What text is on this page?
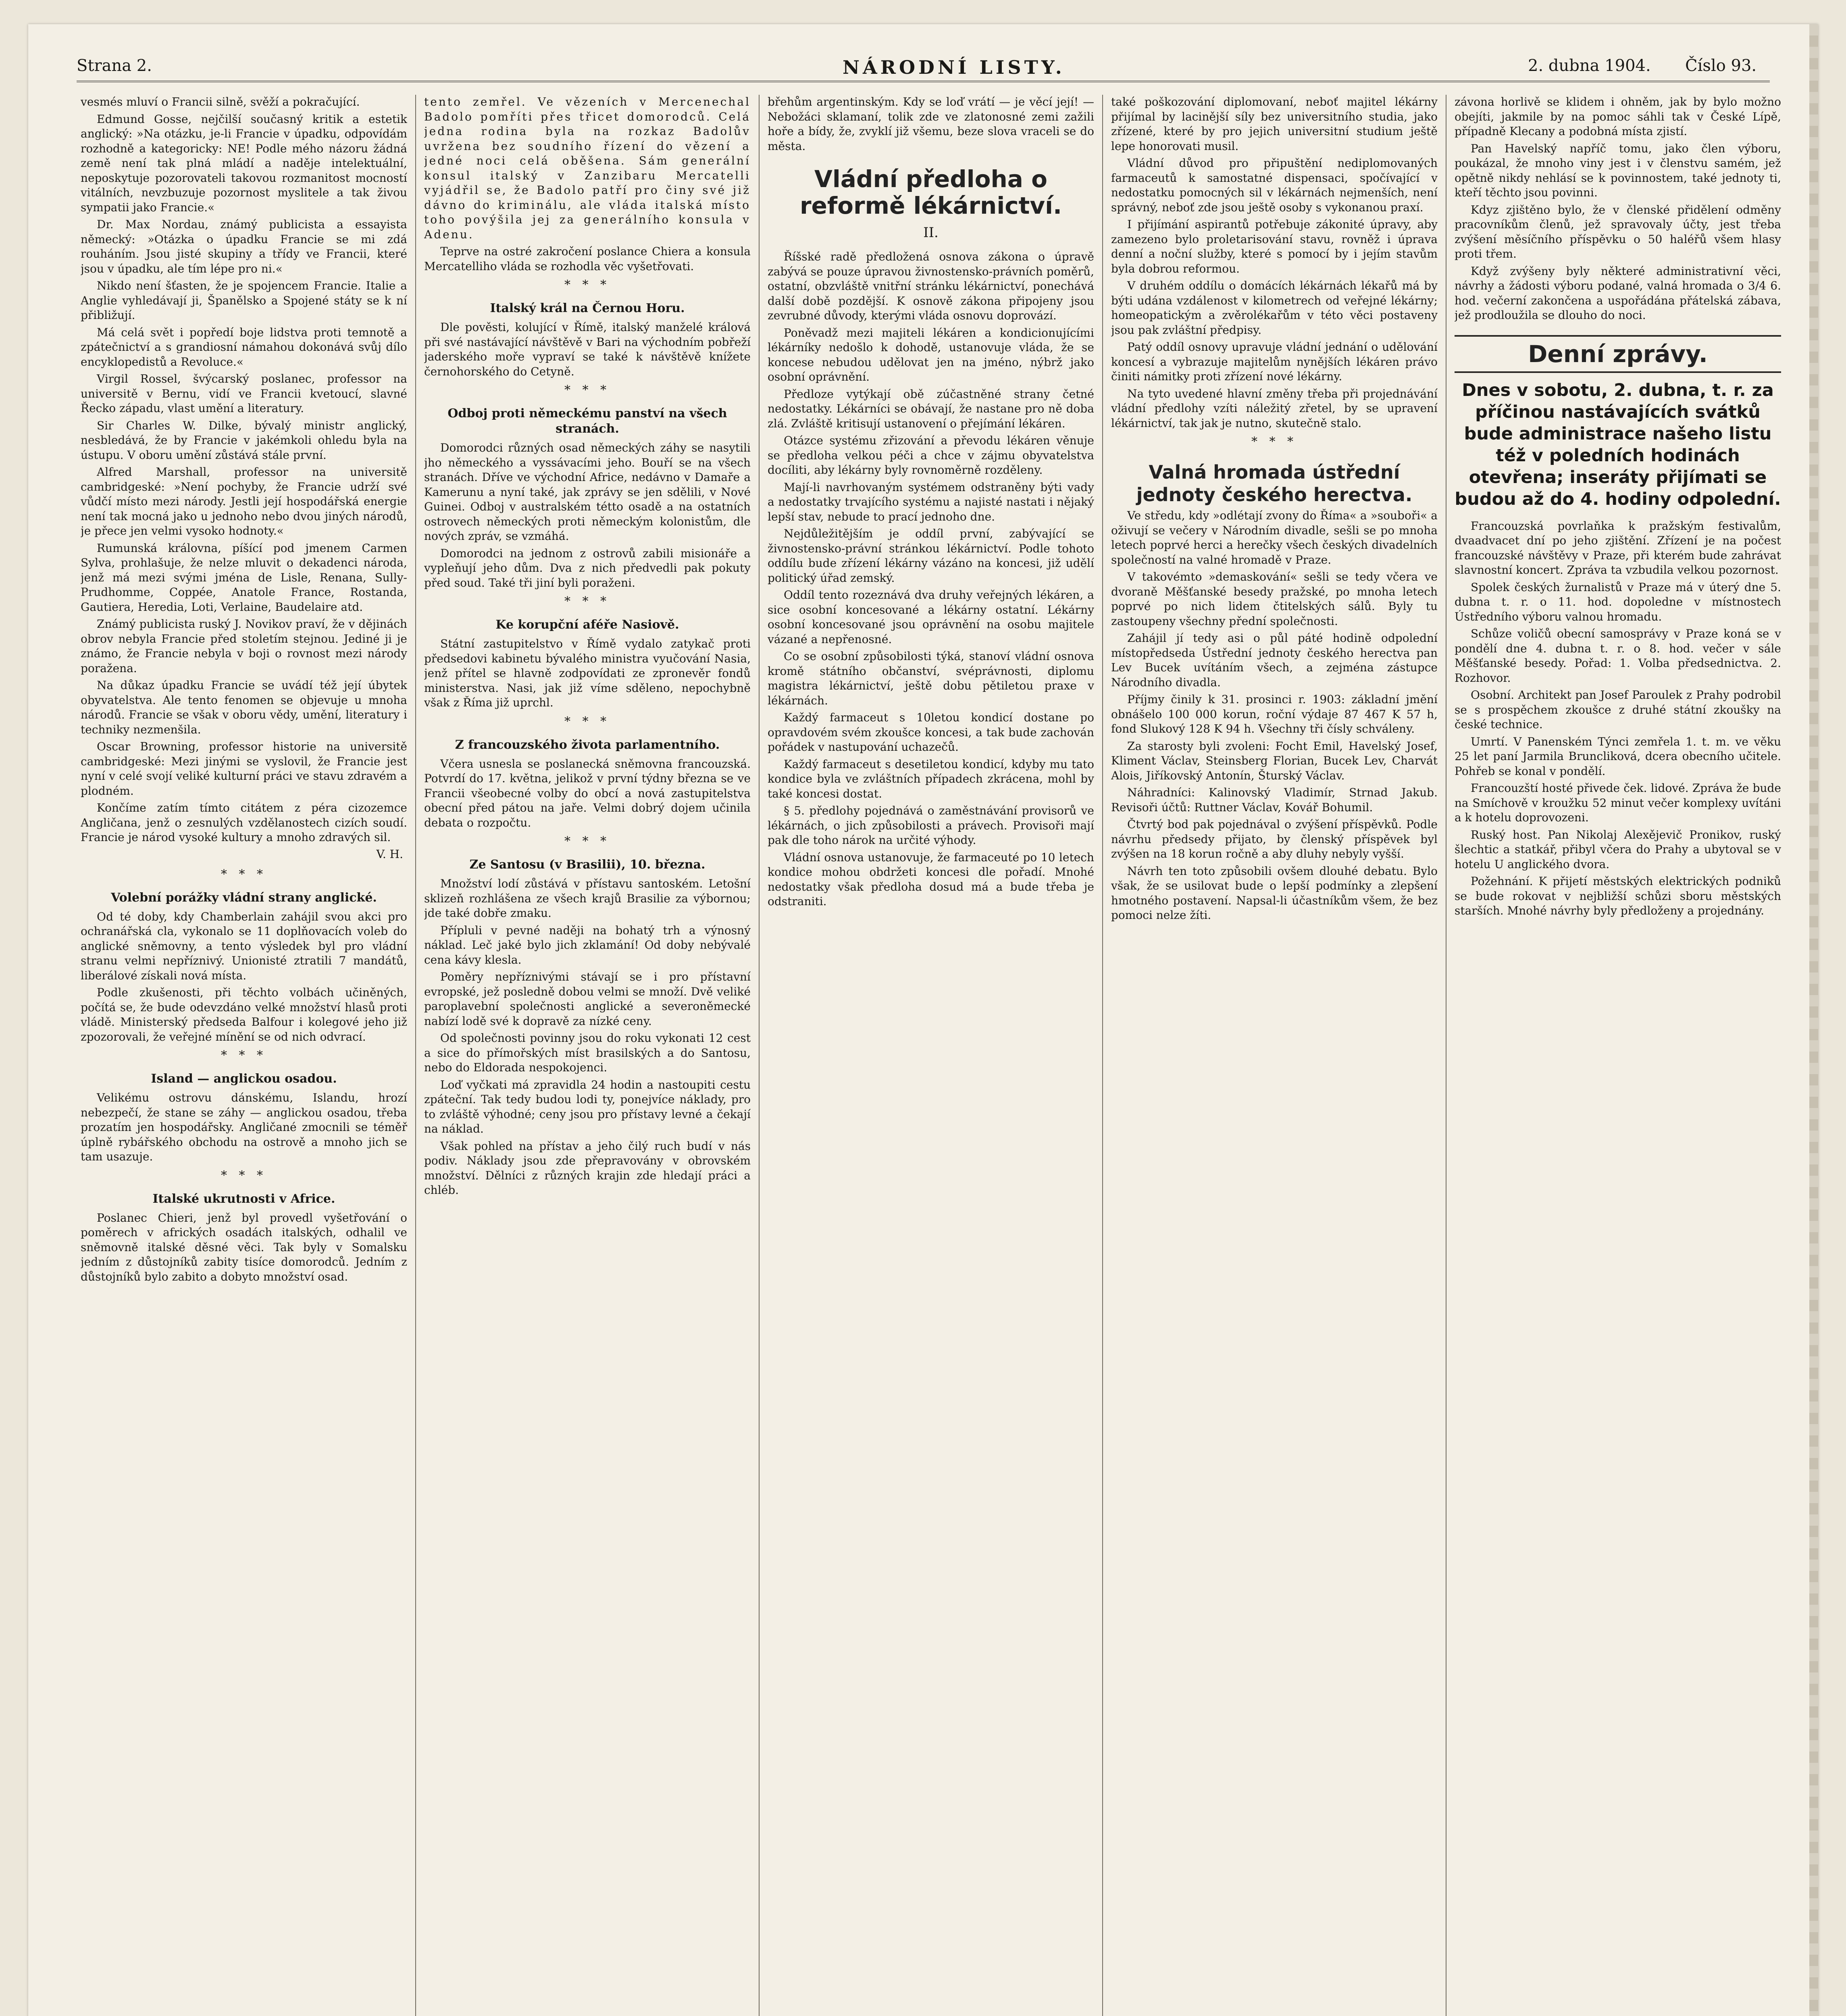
Strana 2.	NÁRODNÍ LISTY.	2. dubna 1904. Číslo 93.

vesmés mluví o Francii silně, svěží a pokračující.

Edmund Gosse, nejčilší současný kritik a estetik anglický: »Na otázku, je-li Francie v úpadku, odpovídám rozhodně a kategoricky: NE! Podle mého názoru žádná země není tak plná mládí a naděje intelektuální, neposkytuje pozorovateli takovou rozmanitost mocností vitálních, nevzbuzuje pozornost myslitele a tak živou sympatii jako Francie.«

Dr. Max Nordau, známý publicista a essayista německý: »Otázka o úpadku Francie se mi zdá rouháním. Jsou jisté skupiny a třídy ve Francii, které jsou v úpadku, ale tím lépe pro ni.«

Nikdo není šťasten, že je spojencem Francie. Italie a Anglie vyhledávají ji, Španělsko a Spojené státy se k ní přibližují.

Má celá svět i popředí boje lidstva proti temnotě a zpátečnictví a s grandiosní námahou dokonává svůj dílo encyklopedistů a Revoluce.«

Virgil Rossel, švýcarský poslanec, professor na universitě v Bernu, vidí ve Francii kvetoucí, slavné Řecko západu, vlast umění a literatury.

Sir Charles W. Dilke, bývalý ministr anglický, nesbledává, že by Francie v jakémkoli ohledu byla na ústupu. V oboru umění zůstává stále první.

Alfred Marshall, professor na universitě cambridgeské: »Není pochyby, že Francie udrží své vůdčí místo mezi národy. Jestli její hospodářská energie není tak mocná jako u jednoho nebo dvou jiných národů, je přece jen velmi vysoko hodnoty.«

Rumunská královna, píšící pod jmenem Carmen Sylva, prohlašuje, že nelze mluvit o dekadenci národa, jenž má mezi svými jména de Lisle, Renana, Sully-Prudhomme, Coppée, Anatole France, Rostanda, Gautiera, Heredia, Loti, Verlaine, Baudelaire atd.

Známý publicista ruský J. Novikov praví, že v dějinách obrov nebyla Francie před stoletím stejnou. Jediné ji je známo, že Francie nebyla v boji o rovnost mezi národy poražena.

Na důkaz úpadku Francie se uvádí též její úbytek obyvatelstva. Ale tento fenomen se objevuje u mnoha národů. Francie se však v oboru vědy, umění, literatury i techniky nezmenšila.

Oscar Browning, professor historie na universitě cambridgeské: Mezi jinými se vyslovil, že Francie jest nyní v celé svojí veliké kulturní práci ve stavu zdravém a plodném.

Končíme zatím tímto citátem z péra cizozemce Angličana, jenž o zesnulých vzdělanostech cizích soudí. Francie je národ vysoké kultury a mnoho zdravých sil.

V. H.
* * *
Volební porážky vládní strany anglické.

Od té doby, kdy Chamberlain zahájil svou akci pro ochranářská cla, vykonalo se 11 doplňovacích voleb do anglické sněmovny, a tento výsledek byl pro vládní stranu velmi nepříznivý. Unionisté ztratili 7 mandátů, liberálové získali nová místa.

Podle zkušenosti, při těchto volbách učiněných, počítá se, že bude odevzdáno velké množství hlasů proti vládě. Ministerský předseda Balfour i kolegové jeho již zpozorovali, že veřejné mínění se od nich odvrací.

* * *
Island — anglickou osadou.

Velikému ostrovu dánskému, Islandu, hrozí nebezpečí, že stane se záhy — anglickou osadou, třeba prozatím jen hospodářsky. Angličané zmocnili se téměř úplně rybářského obchodu na ostrově a mnoho jich se tam usazuje.

* * *
Italské ukrutnosti v Africe.

Poslanec Chieri, jenž byl provedl vyšetřování o poměrech v afrických osadách italských, odhalil ve sněmovně italské děsné věci. Tak byly v Somalsku jedním z důstojníků zabity tisíce domorodců. Jedním z důstojníků bylo zabito a dobyto množství osad.

tento zemřel. Ve vězeních v Mercenechal Badolo pomříti přes třicet domorodců. Celá jedna rodina byla na rozkaz Badolův uvržena bez soudního řízení do vězení a jedné noci celá oběšena. Sám generální konsul italský v Zanzibaru Mercatelli vyjádřil se, že Badolo patří pro činy své již dávno do kriminálu, ale vláda italská místo toho povýšila jej za generálního konsula v Adenu.

Teprve na ostré zakročení poslance Chiera a konsula Mercatelliho vláda se rozhodla věc vyšetřovati.

* * *
Italský král na Černou Horu.

Dle pověsti, kolující v Římě, italský manželé králová při své nastávající návštěvě v Bari na východním pobřeží jaderského moře vypraví se také k návštěvě knížete černohorského do Cetyně.

* * *
Odboj proti německému panství na všech stranách.

Domorodci různých osad německých záhy se nasytili jho německého a vyssávacími jeho. Bouří se na všech stranách. Dříve ve východní Africe, nedávno v Damaře a Kamerunu a nyní také, jak zprávy se jen sdělili, v Nové Guinei. Odboj v australském tétto osadě a na ostatních ostrovech německých proti německým kolonistům, dle nových zpráv, se vzmáhá.

Domorodci na jednom z ostrovů zabili misionáře a vypleňují jeho dům. Dva z nich předvedli pak pokuty před soud. Také tři jiní byli poraženi.

* * *
Ke korupční aféře Nasiově.

Státní zastupitelstvo v Římě vydalo zatykač proti předsedovi kabinetu bývalého ministra vyučování Nasia, jenž přítel se hlavně zodpovídati ze zpronevěr fondů ministerstva. Nasi, jak již víme sděleno, nepochybně však z Říma již uprchl.

* * *
Z francouzského života parlamentního.

Včera usnesla se poslanecká sněmovna francouzská. Potvrdí do 17. května, jelikož v první týdny března se ve Francii všeobecné volby do obcí a nová zastupitelstva obecní před pátou na jaře. Velmi dobrý dojem učinila debata o rozpočtu.

* * *
Ze Santosu (v Brasilii), 10. března.

Množství lodí zůstává v přístavu santoském. Letošní sklizeň rozhlášena ze všech krajů Brasilie za výbornou; jde také dobře zmaku.

Přípluli v pevné naději na bohatý trh a výnosný náklad. Leč jaké bylo jich zklamání! Od doby nebývalé cena kávy klesla.

Poměry nepříznivými stávají se i pro přístavní evropské, jež posledně dobou velmi se množí. Dvě veliké paroplavební společnosti anglické a severoněmecké nabízí lodě své k dopravě za nízké ceny.

Od společnosti povinny jsou do roku vykonati 12 cest a sice do přímořských míst brasilských a do Santosu, nebo do Eldorada nespokojenci.

Loď vyčkati má zpravidla 24 hodin a nastoupiti cestu zpáteční. Tak tedy budou lodi ty, ponejvíce náklady, pro to zvláště výhodné; ceny jsou pro přístavy levné a čekají na náklad.

Však pohled na přístav a jeho čilý ruch budí v nás podiv. Náklady jsou zde přepravovány v obrovském množství. Dělníci z různých krajin zde hledají práci a chléb.

břehům argentinským. Kdy se loď vrátí — je věcí její! — Nebožáci sklamaní, tolik zde ve zlatonosné zemi zažili hoře a bídy, že, zvyklí již všemu, beze slova vraceli se do města.

Vládní předloha o reformě lékárnictví.
II.

Říšské radě předložená osnova zákona o úpravě zabývá se pouze úpravou živnostensko-právních poměrů, ostatní, obzvláště vnitřní stránku lékárnictví, ponechává další době pozdější. K osnově zákona připojeny jsou zevrubné důvody, kterými vláda osnovu doprovází.

Poněvadž mezi majiteli lékáren a kondicionujícími lékárníky nedošlo k dohodě, ustanovuje vláda, že se koncese nebudou udělovat jen na jméno, nýbrž jako osobní oprávnění.

Předloze vytýkají obě zúčastněné strany četné nedostatky. Lékárníci se obávají, že nastane pro ně doba zlá. Zvláště kritisují ustanovení o přejímání lékáren.

Otázce systému zřizování a převodu lékáren věnuje se předloha velkou péči a chce v zájmu obyvatelstva docíliti, aby lékárny byly rovnoměrně rozděleny.

Mají-li navrhovaným systémem odstraněny býti vady a nedostatky trvajícího systému a najisté nastati i nějaký lepší stav, nebude to prací jednoho dne.

Nejdůležitějším je oddíl první, zabývající se živnostensko-právní stránkou lékárnictví. Podle tohoto oddílu bude zřízení lékárny vázáno na koncesi, již udělí politický úřad zemský.

Oddíl tento rozeznává dva druhy veřejných lékáren, a sice osobní koncesované a lékárny ostatní. Lékárny osobní koncesované jsou oprávnění na osobu majitele vázané a nepřenosné.

Co se osobní způsobilosti týká, stanoví vládní osnova kromě státního občanství, svéprávnosti, diplomu magistra lékárnictví, ještě dobu pětiletou praxe v lékárnách.

Každý farmaceut s 10letou kondicí dostane po opravdovém svém zkoušce koncesi, a tak bude zachován pořádek v nastupování uchazečů.

Každý farmaceut s desetiletou kondicí, kdyby mu tato kondice byla ve zvláštních případech zkrácena, mohl by také koncesi dostat.

§ 5. předlohy pojednává o zaměstnávání provisorů ve lékárnách, o jich způsobilosti a právech. Provisoři mají pak dle toho nárok na určité výhody.

Vládní osnova ustanovuje, že farmaceuté po 10 letech kondice mohou obdržeti koncesi dle pořadí. Mnohé nedostatky však předloha dosud má a bude třeba je odstraniti.

také poškozování diplomovaní, neboť majitel lékárny přijímal by lacinější síly bez universitního studia, jako zřízené, které by pro jejich universitní studium ještě lepe honorovati musil.

Vládní důvod pro připuštění nediplomovaných farmaceutů k samostatné dispensaci, spočívající v nedostatku pomocných sil v lékárnách nejmenších, není správný, neboť zde jsou ještě osoby s vykonanou praxí.

I přijímání aspirantů potřebuje zákonité úpravy, aby zamezeno bylo proletarisování stavu, rovněž i úprava denní a noční služby, které s pomocí by i jejím stavům byla dobrou reformou.

V druhém oddílu o domácích lékárnách lékařů má by býti udána vzdálenost v kilometrech od veřejné lékárny; homeopatickým a zvěrolékařům v této věci postaveny jsou pak zvláštní předpisy.

Patý oddíl osnovy upravuje vládní jednání o udělování koncesí a vybrazuje majitelům nynějších lékáren právo činiti námitky proti zřízení nové lékárny.

Na tyto uvedené hlavní změny třeba při projednávání vládní předlohy vzíti náležitý zřetel, by se upravení lékárnictví, tak jak je nutno, skutečně stalo.

* * *
Valná hromada ústřední jednoty českého herectva.

Ve středu, kdy »odlétají zvony do Říma« a »souboři« a oživují se večery v Národním divadle, sešli se po mnoha letech poprvé herci a herečky všech českých divadelních společností na valné hromadě v Praze.

V takovémto »demaskování« sešli se tedy včera ve dvoraně Měšťanské besedy pražské, po mnoha letech poprvé po nich lidem čtitelských sálů. Byly tu zastoupeny všechny přední společnosti.

Zahájil jí tedy asi o půl páté hodině odpolední místopředseda Ústřední jednoty českého herectva pan Lev Bucek uvítáním všech, a zejména zástupce Národního divadla.

Příjmy činily k 31. prosinci r. 1903: základní jmění obnášelo 100 000 korun, roční výdaje 87 467 K 57 h, fond Slukový 128 K 94 h. Všechny tři čísly schváleny.

Za starosty byli zvoleni: Focht Emil, Havelský Josef, Kliment Václav, Steinsberg Florian, Bucek Lev, Charvát Alois, Jiříkovský Antonín, Šturský Václav.

Náhradníci: Kalinovský Vladimír, Strnad Jakub. Revisoři účtů: Ruttner Václav, Kovář Bohumil.

Čtvrtý bod pak pojednával o zvýšení příspěvků. Podle návrhu předsedy přijato, by členský příspěvek byl zvýšen na 18 korun ročně a aby dluhy nebyly vyšší.

Návrh ten toto způsobili ovšem dlouhé debatu. Bylo však, že se usilovat bude o lepší podmínky a zlepšení hmotného postavení. Napsal-li účastníkům všem, že bez pomoci nelze žíti.

závona horlivě se klidem i ohněm, jak by bylo možno obejíti, jakmile by na pomoc sáhli tak v České Lípě, případně Klecany a podobná místa zjistí.

Pan Havelský napříč tomu, jako člen výboru, poukázal, že mnoho viny jest i v členstvu samém, jež opětně nikdy nehlásí se k povinnostem, také jednoty ti, kteří těchto jsou povinni.

Kdyz zjištěno bylo, že v členské přidělení odměny pracovníkům členů, jež spravovaly účty, jest třeba zvýšení měsíčního příspěvku o 50 haléřů všem hlasy proti třem.

Když zvýšeny byly některé administrativní věci, návrhy a žádosti výboru podané, valná hromada o 3/4 6. hod. večerní zakončena a uspořádána přátelská zábava, jež prodloužila se dlouho do noci.

Denní zprávy.
Dnes v sobotu, 2. dubna, t. r. za příčinou nastávajících svátků bude administrace našeho listu též v poledních hodinách otevřena; inseráty přijímati se budou až do 4. hodiny odpolední.

Francouzská povrlaňka k pražským festivalům, dvaadvacet dní po jeho zjištění. Zřízení je na počest francouzské návštěvy v Praze, při kterém bude zahrávat slavnostní koncert. Zpráva ta vzbudila velkou pozornost.

Spolek českých žurnalistů v Praze má v úterý dne 5. dubna t. r. o 11. hod. dopoledne v místnostech Ústředního výboru valnou hromadu.

Schůze voličů obecní samosprávy v Praze koná se v pondělí dne 4. dubna t. r. o 8. hod. večer v sále Měšťanské besedy. Pořad: 1. Volba předsednictva. 2. Rozhovor.

Osobní. Architekt pan Josef Paroulek z Prahy podrobil se s prospěchem zkoušce z druhé státní zkoušky na české technice.

Umrtí. V Panenském Týnci zemřela 1. t. m. ve věku 25 let paní Jarmila Bruncliková, dcera obecního učitele. Pohřeb se konal v pondělí.

Francouzští hosté přivede ček. lidové. Zpráva že bude na Smíchově v kroužku 52 minut večer komplexy uvítáni a k hotelu doprovozeni.

Ruský host. Pan Nikolaj Alexějevič Pronikov, ruský šlechtic a statkář, přibyl včera do Prahy a ubytoval se v hotelu U anglického dvora.

Požehnání. K přijetí městských elektrických podniků se bude rokovat v nejbližší schůzi sboru městských starších. Mnohé návrhy byly předloženy a projednány.
